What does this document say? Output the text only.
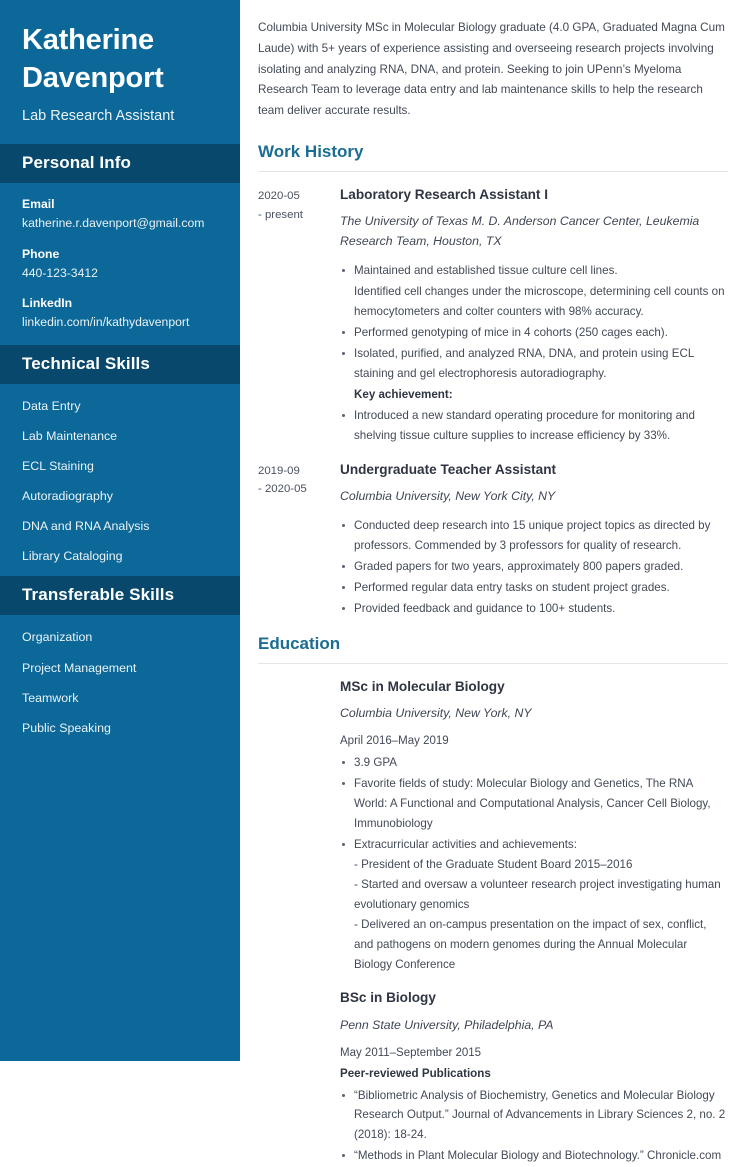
Katherine Davenport
Lab Research Assistant
Personal Info
Email
katherine.r.davenport@gmail.com
Phone
440-123-3412
LinkedIn
linkedin.com/in/kathydavenport
Technical Skills
Data Entry
Lab Maintenance
ECL Staining
Autoradiography
DNA and RNA Analysis
Library Cataloging
Transferable Skills
Organization
Project Management
Teamwork
Public Speaking

Columbia University MSc in Molecular Biology graduate (4.0 GPA, Graduated Magna Cum Laude) with 5+ years of experience assisting and overseeing research projects involving isolating and analyzing RNA, DNA, and protein. Seeking to join UPenn’s Myeloma Research Team to leverage data entry and lab maintenance skills to help the research team deliver accurate results.

Work History
2020-05
- present
Laboratory Research Assistant I
The University of Texas M. D. Anderson Cancer Center, Leukemia Research Team, Houston, TX
Maintained and established tissue culture cell lines.
Identified cell changes under the microscope, determining cell counts on hemocytometers and colter counters with 98% accuracy.
Performed genotyping of mice in 4 cohorts (250 cages each).
Isolated, purified, and analyzed RNA, DNA, and protein using ECL staining and gel electrophoresis autoradiography.
Key achievement:
Introduced a new standard operating procedure for monitoring and shelving tissue culture supplies to increase efficiency by 33%.
2019-09
- 2020-05
Undergraduate Teacher Assistant
Columbia University, New York City, NY
Conducted deep research into 15 unique project topics as directed by professors. Commended by 3 professors for quality of research.
Graded papers for two years, approximately 800 papers graded.
Performed regular data entry tasks on student project grades.
Provided feedback and guidance to 100+ students.
Education
MSc in Molecular Biology
Columbia University, New York, NY
April 2016–May 2019
3.9 GPA
Favorite fields of study: Molecular Biology and Genetics, The RNA World: A Functional and Computational Analysis, Cancer Cell Biology, Immunobiology
Extracurricular activities and achievements:
- President of the Graduate Student Board 2015–2016
- Started and oversaw a volunteer research project investigating human evolutionary genomics
- Delivered an on-campus presentation on the impact of sex, conflict, and pathogens on modern genomes during the Annual Molecular Biology Conference
BSc in Biology
Penn State University, Philadelphia, PA
May 2011–September 2015
Peer-reviewed Publications
“Bibliometric Analysis of Biochemistry, Genetics and Molecular Biology Research Output.” Journal of Advancements in Library Sciences 2, no. 2 (2018): 18-24.
“Methods in Plant Molecular Biology and Biotechnology.” Chronicle.com
